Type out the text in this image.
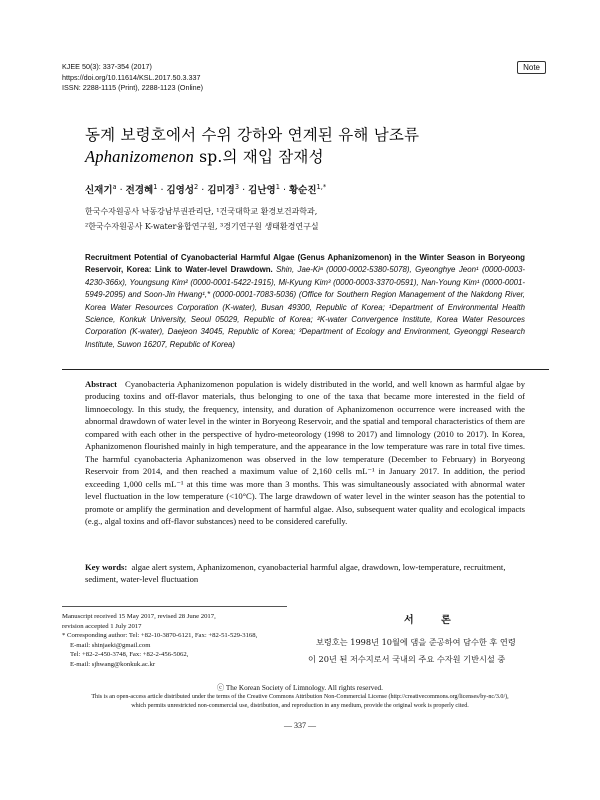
KJEE 50(3): 337-354 (2017)
https://doi.org/10.11614/KSL.2017.50.3.337
ISSN: 2288-1115 (Print), 2288-1123 (Online)
Note
동계 보령호에서 수위 강하와 연계된 유해 남조류
Aphanizomenon sp.의 재입 잠재성
신재기$^a$ · 전경혜$^1$ · 김영성$^2$ · 김미경$^3$ · 김난영$^1$ · 황순진$^{1,*}$
한국수자원공사 낙동강남부권관리단, ¹건국대학교 환경보건과학과,
²한국수자원공사 K-water융합연구원, ³경기연구원 생태환경연구실
Recruitment Potential of Cyanobacterial Harmful Algae (Genus Aphanizomenon) in the Winter Season in Boryeong Reservoir, Korea: Link to Water-level Drawdown. Shin, Jae-Kiᵃ (0000-0002-5380-5078), Gyeonghye Jeon¹ (0000-0003-4230-366x), Youngsung Kim² (0000-0001-5422-1915), Mi-Kyung Kim³ (0000-0003-3370-0591), Nan-Young Kim¹ (0000-0001-5949-2095) and Soon-Jin Hwang¹,* (0000-0001-7083-5036) (Office for Southern Region Management of the Nakdong River, Korea Water Resources Corporation (K-water), Busan 49300, Republic of Korea; ¹Department of Environmental Health Science, Konkuk University, Seoul 05029, Republic of Korea; ²K-water Convergence Institute, Korea Water Resources Corporation (K-water), Daejeon 34045, Republic of Korea; ³Department of Ecology and Environment, Gyeonggi Research Institute, Suwon 16207, Republic of Korea)
Abstract Cyanobacteria Aphanizomenon population is widely distributed in the world, and well known as harmful algae by producing toxins and off-flavor materials, thus belonging to one of the taxa that became more interested in the field of limnoecology. In this study, the frequency, intensity, and duration of Aphanizomenon occurrence were increased with the abnormal drawdown of water level in the winter in Boryeong Reservoir, and the spatial and temporal characteristics of them are compared with each other in the perspective of hydro-meteorology (1998 to 2017) and limnology (2010 to 2017). In Korea, Aphanizomenon flourished mainly in high temperature, and the appearance in the low temperature was rare in total five times. The harmful cyanobacteria Aphanizomenon was observed in the low temperature (December to February) in Boryeong Reservoir from 2014, and then reached a maximum value of 2,160 cells mL⁻¹ in January 2017. In addition, the period exceeding 1,000 cells mL⁻¹ at this time was more than 3 months. This was simultaneously associated with abnormal water level fluctuation in the low temperature (<10°C). The large drawdown of water level in the winter season has the potential to promote or amplify the germination and development of harmful algae. Also, subsequent water quality and ecological impacts (e.g., algal toxins and off-flavor substances) need to be considered carefully.
Key words: algae alert system, Aphanizomenon, cyanobacterial harmful algae, drawdown, low-temperature, recruitment, sediment, water-level fluctuation
Manuscript received 15 May 2017, revised 28 June 2017,
revision accepted 1 July 2017
* Corresponding author: Tel: +82-10-3870-6121, Fax: +82-51-529-3168,
E-mail: shinjaeki@gmail.com
Tel: +82-2-450-3748, Fax: +82-2-456-5062,
E-mail: sjhwang@konkuk.ac.kr
서 론
보령호는 1998년 10월에 댐을 준공하여 담수한 후 연령
이 20년 된 저수지로서 국내의 주요 수자원 기반시설 중
ⓒ The Korean Society of Limnology. All rights reserved.
This is an open-access article distributed under the terms of the Creative Commons Attribution Non-Commercial License (http://creativecommons.org/licenses/by-nc/3.0/),
which permits unrestricted non-commercial use, distribution, and reproduction in any medium, provide the original work is properly cited.
— 337 —
